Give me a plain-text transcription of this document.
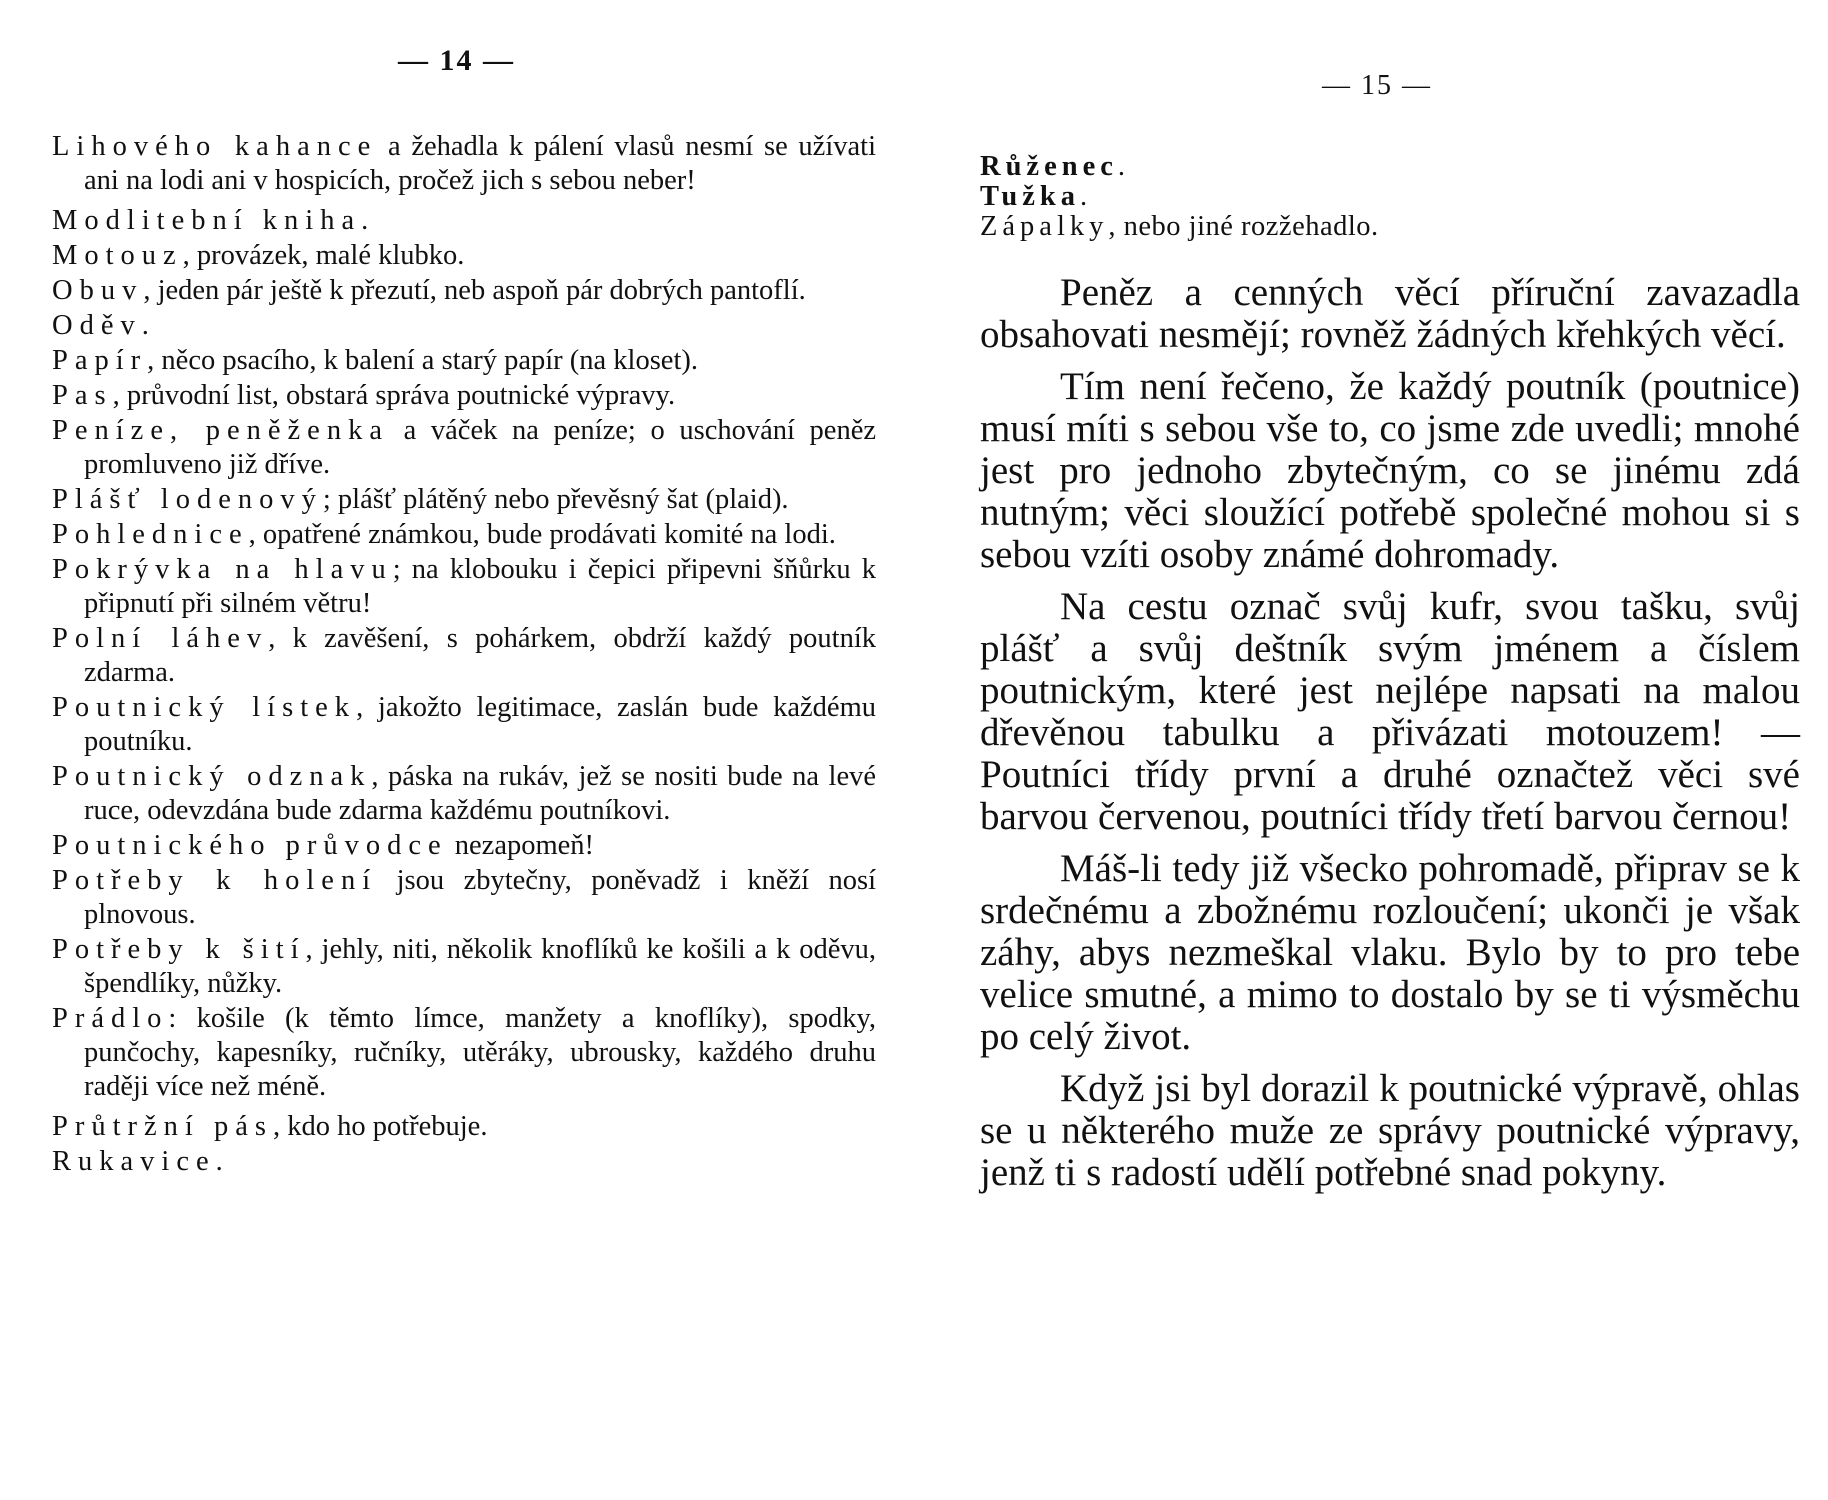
— 14 —
— 15 —

Lihového kahance a žehadla k pálení vlasů nesmí se užívati ani na lodi ani v hospicích, pročež jich s sebou neber!

Modlitební kniha.

Motouz, provázek, malé klubko.

Obuv, jeden pár ještě k přezutí, neb aspoň pár dobrých pantoflí.

Oděv.

Papír, něco psacího, k balení a starý papír (na kloset).

Pas, průvodní list, obstará správa poutnické výpravy.

Peníze, peněženka a váček na peníze; o uschování peněz promluveno již dříve.

Plášť lodenový; plášť plátěný nebo převěsný šat (plaid).

Pohlednice, opatřené známkou, bude prodávati komité na lodi.

Pokrývka na hlavu; na klobouku i čepici připevni šňůrku k připnutí při silném větru!

Polní láhev, k zavěšení, s pohárkem, obdrží každý poutník zdarma.

Poutnický lístek, jakožto legitimace, zaslán bude každému poutníku.

Poutnický odznak, páska na rukáv, jež se nositi bude na levé ruce, odevzdána bude zdarma každému poutníkovi.

Poutnického průvodce nezapomeň!

Potřeby k holení jsou zbytečny, poněvadž i kněží nosí plnovous.

Potřeby k šití, jehly, niti, několik knoflíků ke košili a k oděvu, špendlíky, nůžky.

Prádlo: košile (k těmto límce, manžety a knoflíky), spodky, punčochy, kapesníky, ručníky, utěráky, ubrousky, každého druhu raději více než méně.

Průtržní pás, kdo ho potřebuje.

Rukavice.

Růženec.
Tužka.
Zápalky, nebo jiné rozžehadlo.

Peněz a cenných věcí příruční zavazadla obsahovati nesmějí; rovněž žádných křehkých věcí.

Tím není řečeno, že každý poutník (poutnice) musí míti s sebou vše to, co jsme zde uvedli; mnohé jest pro jednoho zbytečným, co se jinému zdá nutným; věci sloužící potřebě společné mohou si s sebou vzíti osoby známé dohromady.

Na cestu označ svůj kufr, svou tašku, svůj plášť a svůj deštník svým jménem a číslem poutnickým, které jest nejlépe napsati na malou dřevěnou tabulku a přivázati motouzem! — Poutníci třídy první a druhé označtež věci své barvou červenou, poutníci třídy třetí barvou černou!

Máš-li tedy již všecko pohromadě, připrav se k srdečnému a zbožnému rozloučení; ukonči je však záhy, abys nezmeškal vlaku. Bylo by to pro tebe velice smutné, a mimo to dostalo by se ti výsměchu po celý život.

Když jsi byl dorazil k poutnické výpravě, ohlas se u některého muže ze správy poutnické výpravy, jenž ti s radostí udělí potřebné snad pokyny.
